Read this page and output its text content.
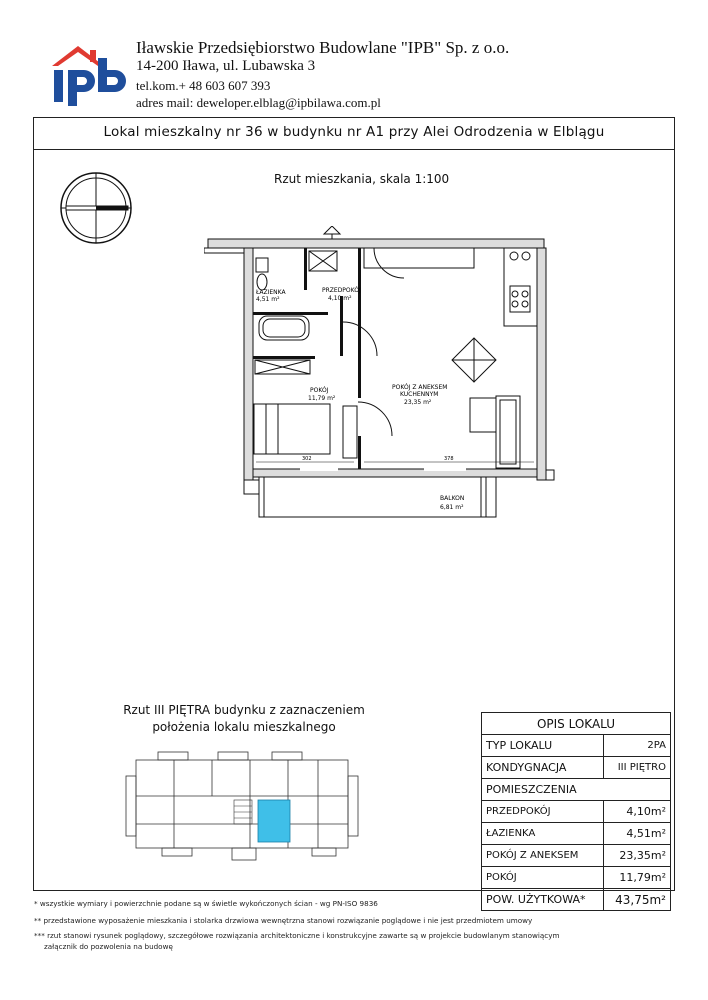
Iławskie Przedsiębiorstwo Budowlane "IPB" Sp. z o.o.
14-200 Iława, ul. Lubawska 3
tel.kom.+ 48 603 607 393
adres mail: deweloper.elblag@ipbilawa.com.pl
Lokal mieszkalny nr 36 w budynku nr A1 przy Alei Odrodzenia w Elblągu
Rzut mieszkania, skala 1:100
ŁAZIENKA
4,51 m²
PRZEDPOKÓJ
4,10 m²
POKÓJ
11,79 m²
POKÓJ Z ANEKSEM
KUCHENNYM
23,35 m²
BALKON
6,81 m²
302	378
Rzut III PIĘTRA budynku z zaznaczeniem
położenia lokalu mieszkalnego	OPIS LOKALU	
TYP LOKALU	2PA
KONDYGNACJA	III PIĘTRO
POMIESZCZENIA	
PRZEDPOKÓJ	4,10m²
ŁAZIENKA	4,51m²
POKÓJ Z ANEKSEM	23,35m²
POKÓJ	11,79m²
POW. UŻYTKOWA*	43,75m²
* wszystkie wymiary i powierzchnie podane są w świetle wykończonych ścian - wg PN-ISO 9836
** przedstawione wyposażenie mieszkania i stolarka drzwiowa wewnętrzna stanowi rozwiązanie poglądowe i nie jest przedmiotem umowy
*** rzut stanowi rysunek poglądowy, szczegółowe rozwiązania architektoniczne i konstrukcyjne zawarte są w projekcie budowlanym stanowiącym
załącznik do pozwolenia na budowę
